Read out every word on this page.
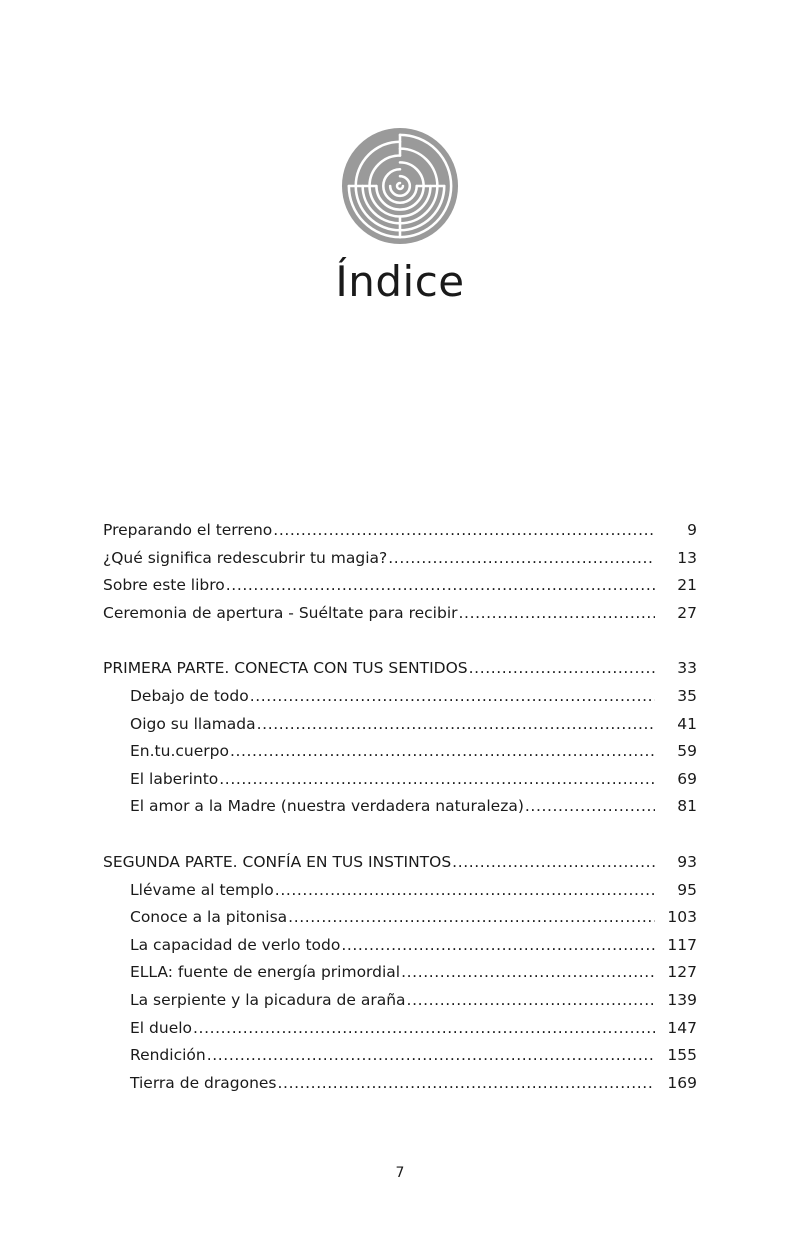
Índice
Preparando el terreno .....	9
¿Qué significa redescubrir tu magia? .....	13
Sobre este libro .....	21
Ceremonia de apertura - Suéltate para recibir .....	27
PRIMERA PARTE. CONECTA CON TUS SENTIDOS .....	33
Debajo de todo .....	35
Oigo su llamada .....	41
En.tu.cuerpo .....	59
El laberinto .....	69
El amor a la Madre (nuestra verdadera naturaleza) .....	81
SEGUNDA PARTE. CONFÍA EN TUS INSTINTOS .....	93
Llévame al templo .....	95
Conoce a la pitonisa .....	103
La capacidad de verlo todo .....	117
ELLA: fuente de energía primordial .....	127
La serpiente y la picadura de araña .....	139
El duelo .....	147
Rendición .....	155
Tierra de dragones .....	169
7
